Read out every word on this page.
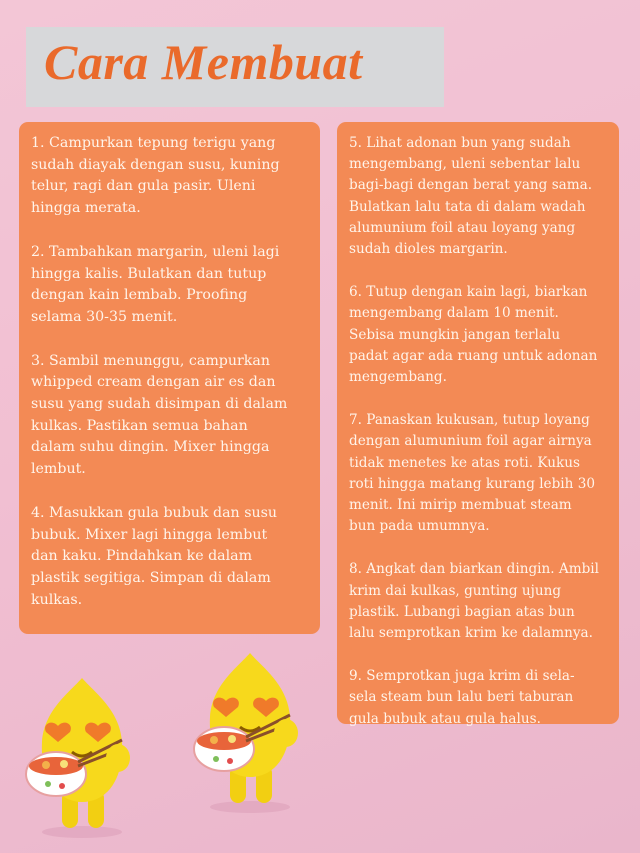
Cara Membuat

1. Campurkan tepung terigu yang
sudah diayak dengan susu, kuning
telur, ragi dan gula pasir. Uleni
hingga merata.

2. Tambahkan margarin, uleni lagi
hingga kalis. Bulatkan dan tutup
dengan kain lembab. Proofing
selama 30-35 menit.

3. Sambil menunggu, campurkan
whipped cream dengan air es dan
susu yang sudah disimpan di dalam
kulkas. Pastikan semua bahan
dalam suhu dingin. Mixer hingga
lembut.

4. Masukkan gula bubuk dan susu
bubuk. Mixer lagi hingga lembut
dan kaku. Pindahkan ke dalam
plastik segitiga. Simpan di dalam
kulkas.

5. Lihat adonan bun yang sudah
mengembang, uleni sebentar lalu
bagi-bagi dengan berat yang sama.
Bulatkan lalu tata di dalam wadah
alumunium foil atau loyang yang
sudah dioles margarin.

6. Tutup dengan kain lagi, biarkan
mengembang dalam 10 menit.
Sebisa mungkin jangan terlalu
padat agar ada ruang untuk adonan
mengembang.

7. Panaskan kukusan, tutup loyang
dengan alumunium foil agar airnya
tidak menetes ke atas roti. Kukus
roti hingga matang kurang lebih 30
menit. Ini mirip membuat steam
bun pada umumnya.

8. Angkat dan biarkan dingin. Ambil
krim dai kulkas, gunting ujung
plastik. Lubangi bagian atas bun
lalu semprotkan krim ke dalamnya.

9. Semprotkan juga krim di sela-
sela steam bun lalu beri taburan
gula bubuk atau gula halus.
